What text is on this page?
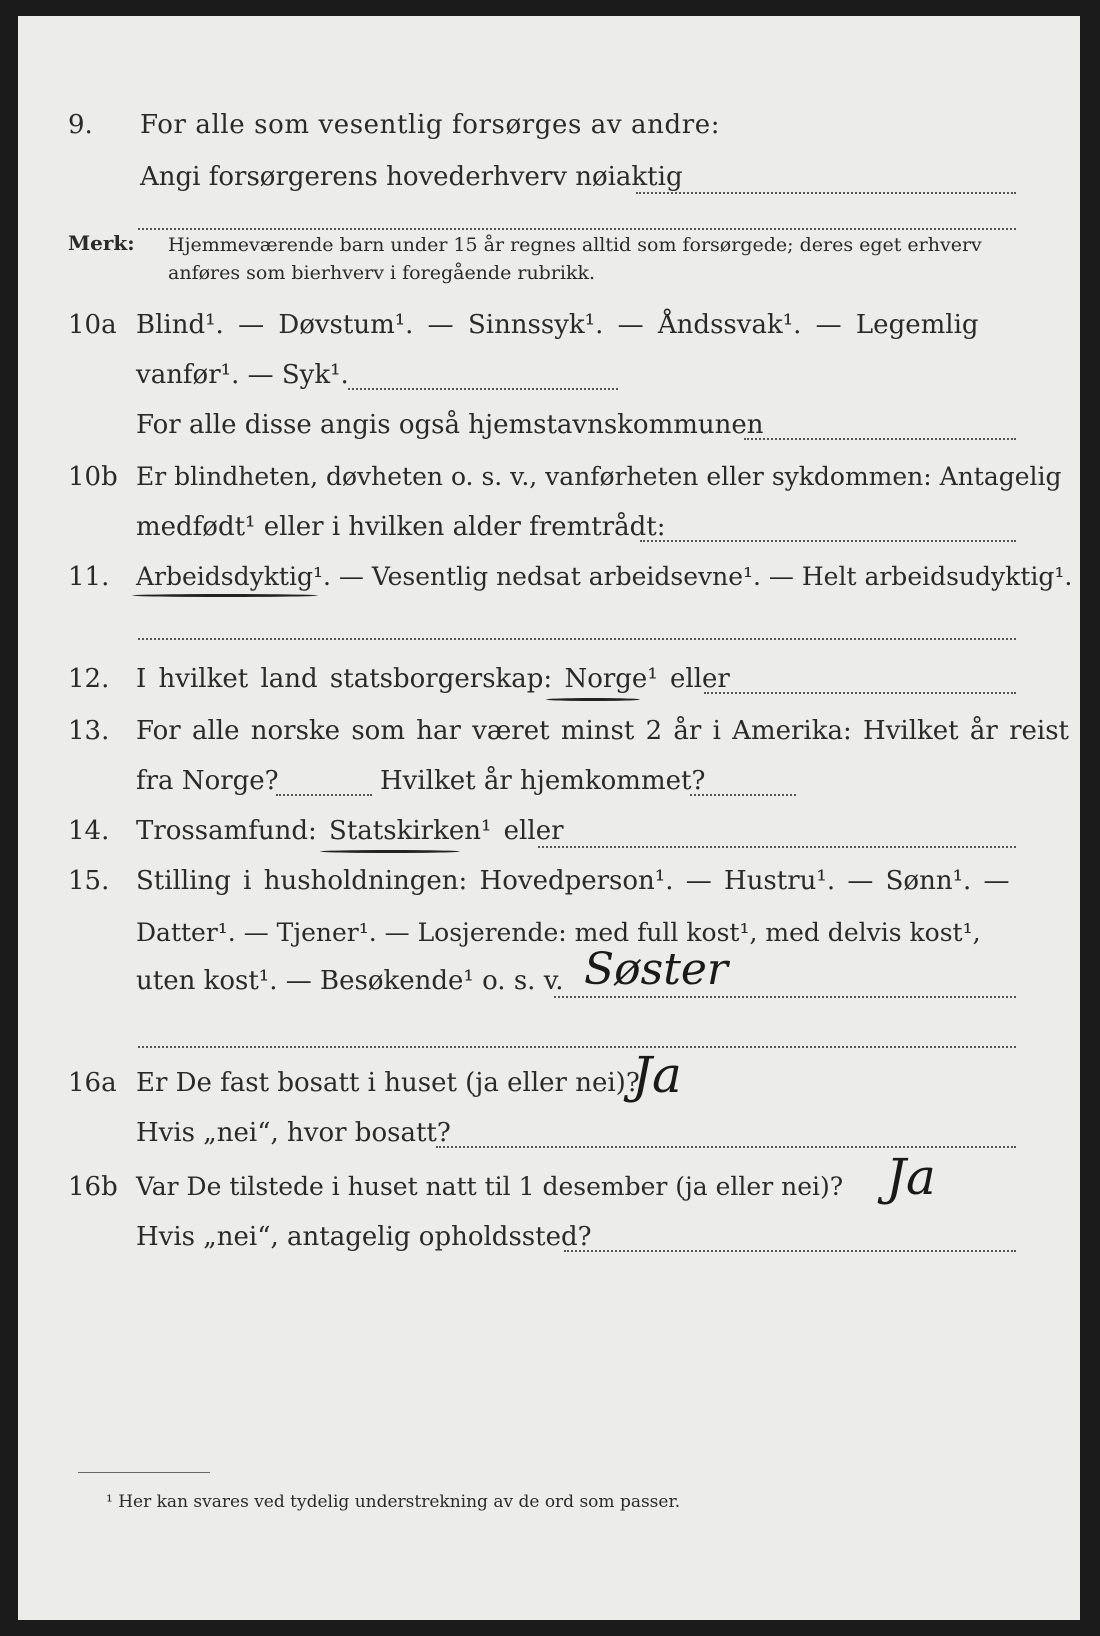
9. For alle som vesentlig forsørges av andre:
Angi forsørgerens hovederhverv nøiaktig
Merk: Hjemmeværende barn under 15 år regnes alltid som forsørgede; deres eget erhverv
anføres som bierhverv i foregående rubrikk.
10a Blind¹. — Døvstum¹. — Sinnssyk¹. — Åndssvak¹. — Legemlig
vanfør¹. — Syk¹.
For alle disse angis også hjemstavnskommunen
10b Er blindheten, døvheten o. s. v., vanførheten eller sykdommen: Antagelig
medfødt¹ eller i hvilken alder fremtrådt:
11. Arbeidsdyktig¹. — Vesentlig nedsat arbeidsevne¹. — Helt arbeidsudyktig¹.
12. I hvilket land statsborgerskap: Norge¹ eller
13. For alle norske som har været minst 2 år i Amerika: Hvilket år reist
fra Norge?	Hvilket år hjemkommet?
14. Trossamfund: Statskirken¹ eller
15. Stilling i husholdningen: Hovedperson¹. — Hustru¹. — Sønn¹. —
Datter¹. — Tjener¹. — Losjerende: med full kost¹, med delvis kost¹,
uten kost¹. — Besøkende¹ o. s. v. Søster
16a Er De fast bosatt i huset (ja eller nei)?
Ja
Hvis „nei“, hvor bosatt?
16b Var De tilstede i huset natt til 1 desember (ja eller nei)? Ja
Hvis „nei“, antagelig opholdssted?
¹ Her kan svares ved tydelig understrekning av de ord som passer.
